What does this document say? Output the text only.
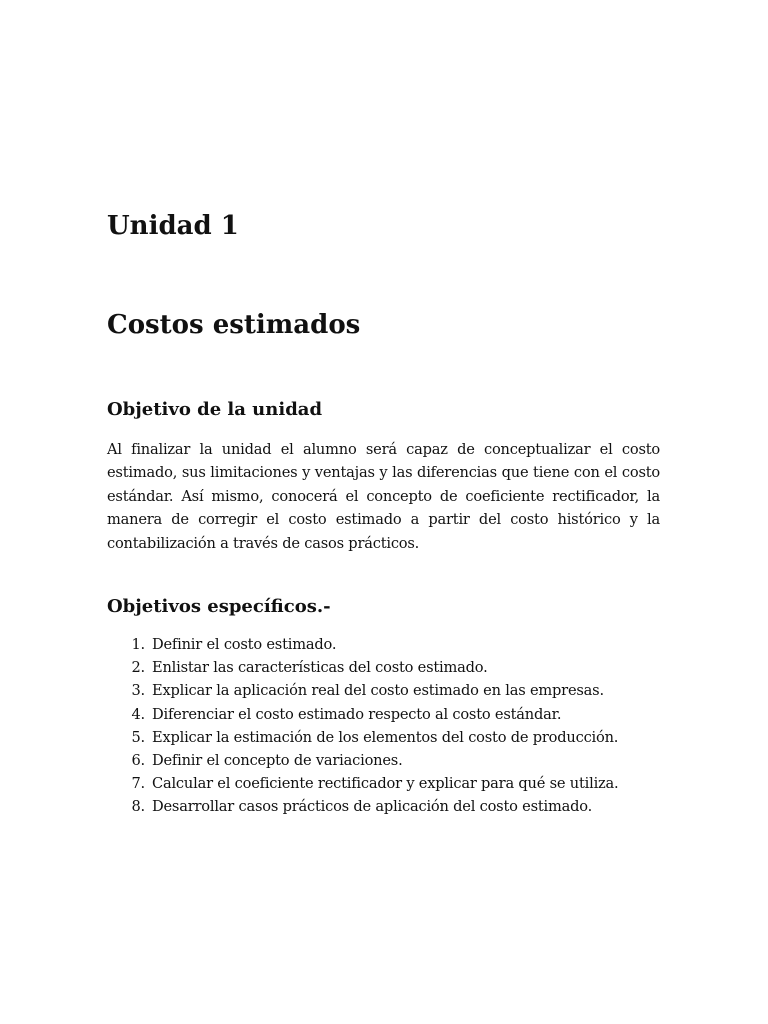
Unidad 1
Costos estimados
Objetivo de la unidad

Al finalizar la unidad el alumno será capaz de conceptualizar el costo estimado, sus limitaciones y ventajas y las diferencias que tiene con el costo estándar. Así mismo, conocerá el concepto de coeficiente rectificador, la manera de corregir el costo estimado a partir del costo histórico y la contabilización a través de casos prácticos.

Objetivos específicos.-
1. Definir el costo estimado.
2. Enlistar las características del costo estimado.
3. Explicar la aplicación real del costo estimado en las empresas.
4. Diferenciar el costo estimado respecto al costo estándar.
5. Explicar la estimación de los elementos del costo de producción.
6. Definir el concepto de variaciones.
7. Calcular el coeficiente rectificador y explicar para qué se utiliza.
8. Desarrollar casos prácticos de aplicación del costo estimado.
